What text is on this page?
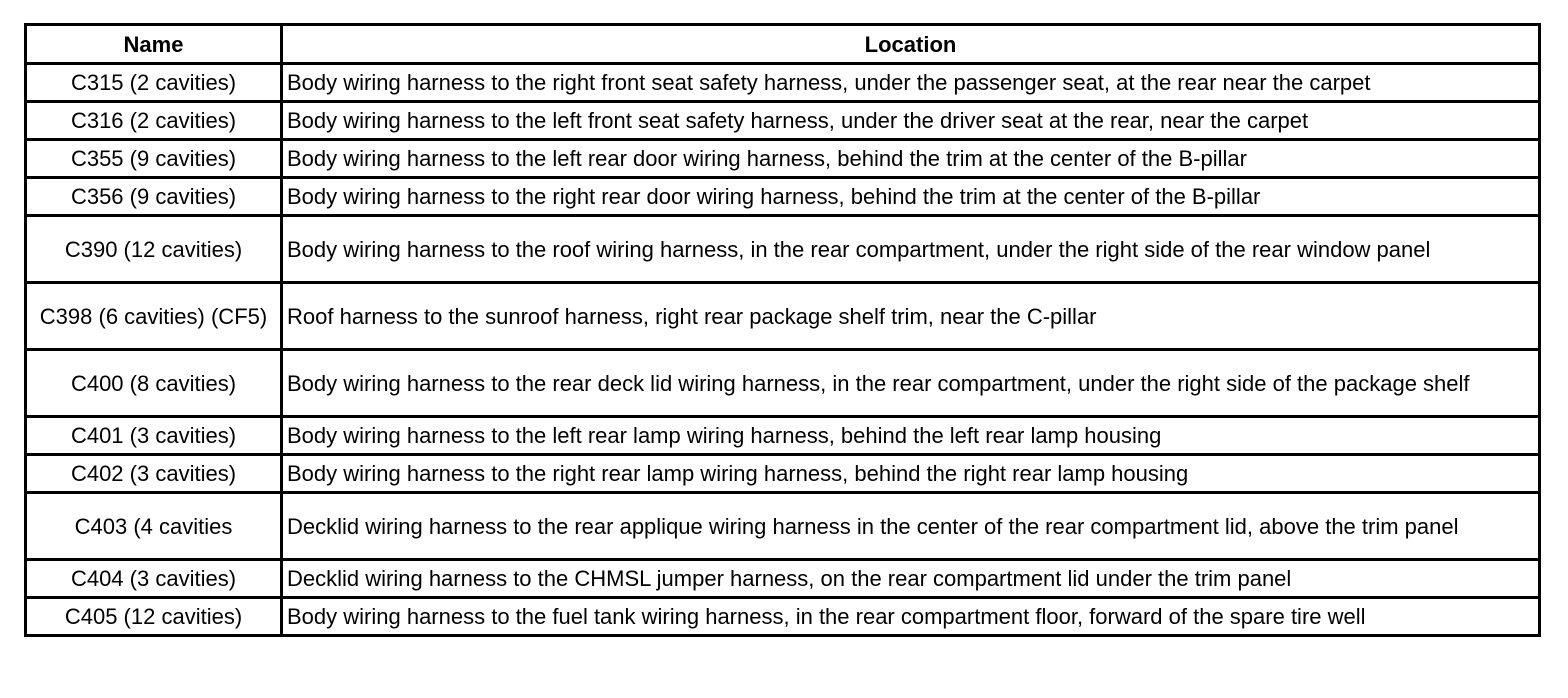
Name	Location
C315 (2 cavities)	Body wiring harness to the right front seat safety harness, under the passenger seat, at the rear near the carpet
C316 (2 cavities)	Body wiring harness to the left front seat safety harness, under the driver seat at the rear, near the carpet
C355 (9 cavities)	Body wiring harness to the left rear door wiring harness, behind the trim at the center of the B-pillar
C356 (9 cavities)	Body wiring harness to the right rear door wiring harness, behind the trim at the center of the B-pillar
C390 (12 cavities)	Body wiring harness to the roof wiring harness, in the rear compartment, under the right side of the rear window panel
C398 (6 cavities) (CF5)	Roof harness to the sunroof harness, right rear package shelf trim, near the C-pillar
C400 (8 cavities)	Body wiring harness to the rear deck lid wiring harness, in the rear compartment, under the right side of the package shelf
C401 (3 cavities)	Body wiring harness to the left rear lamp wiring harness, behind the left rear lamp housing
C402 (3 cavities)	Body wiring harness to the right rear lamp wiring harness, behind the right rear lamp housing
C403 (4 cavities	Decklid wiring harness to the rear applique wiring harness in the center of the rear compartment lid, above the trim panel
C404 (3 cavities)	Decklid wiring harness to the CHMSL jumper harness, on the rear compartment lid under the trim panel
C405 (12 cavities)	Body wiring harness to the fuel tank wiring harness, in the rear compartment floor, forward of the spare tire well
